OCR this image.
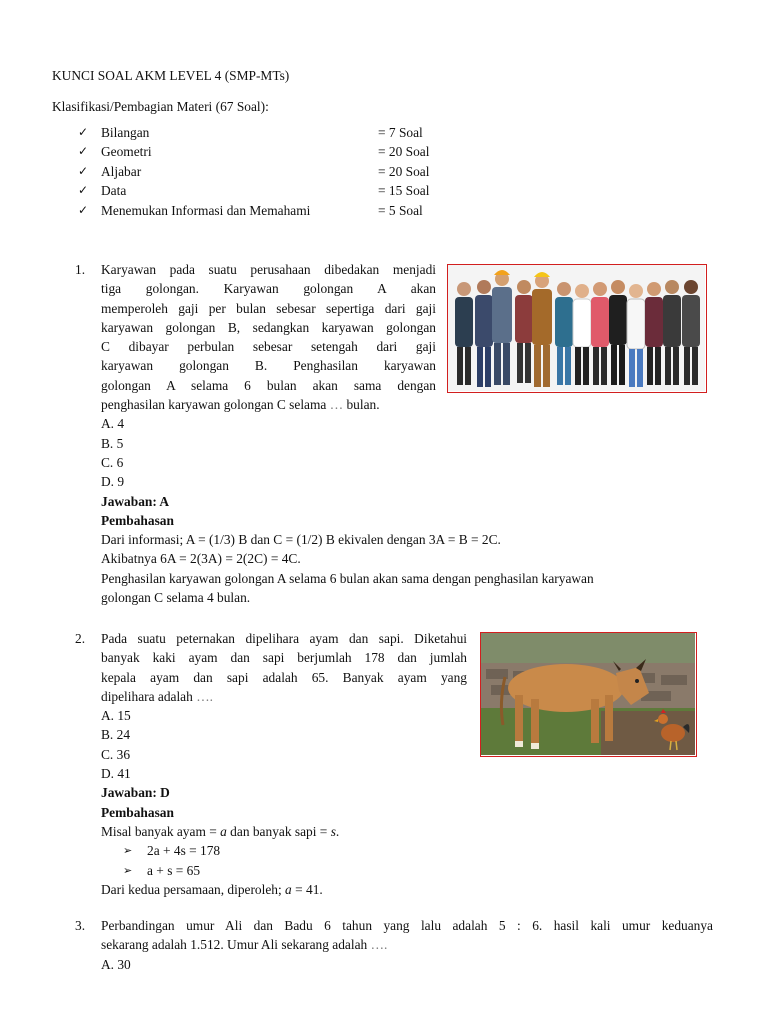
KUNCI SOAL AKM LEVEL 4 (SMP-MTs)
Klasifikasi/Pembagian Materi (67 Soal):
✓ Bilangan	= 7 Soal
✓ Geometri	= 20 Soal
✓ Aljabar	= 20 Soal
✓ Data	= 15 Soal
✓ Menemukan Informasi dan Memahami	= 5 Soal
1. Karyawan pada suatu perusahaan dibedakan menjadi
tiga golongan. Karyawan golongan A akan
memperoleh gaji per bulan sebesar sepertiga dari gaji
karyawan golongan B, sedangkan karyawan golongan
C dibayar perbulan sebesar setengah dari gaji
karyawan golongan B. Penghasilan karyawan
golongan A selama 6 bulan akan sama dengan
penghasilan karyawan golongan C selama … bulan.
A. 4
B. 5
C. 6
D. 9
Jawaban: A
Pembahasan
Dari informasi; A = (1/3) B dan C = (1/2) B ekivalen dengan 3A = B = 2C.
Akibatnya 6A = 2(3A) = 2(2C) = 4C.
Penghasilan karyawan golongan A selama 6 bulan akan sama dengan penghasilan karyawan
golongan C selama 4 bulan.
2. Pada suatu peternakan dipelihara ayam dan sapi. Diketahui
banyak kaki ayam dan sapi berjumlah 178 dan jumlah
kepala ayam dan sapi adalah 65. Banyak ayam yang
dipelihara adalah ….
A. 15
B. 24
C. 36
D. 41
Jawaban: D
Pembahasan
Misal banyak ayam = a dan banyak sapi = s.
➢ 2a + 4s = 178
➢ a + s = 65
Dari kedua persamaan, diperoleh; a = 41.
3. Perbandingan umur Ali dan Badu 6 tahun yang lalu adalah 5 : 6. hasil kali umur keduanya
sekarang adalah 1.512. Umur Ali sekarang adalah ….
A. 30
